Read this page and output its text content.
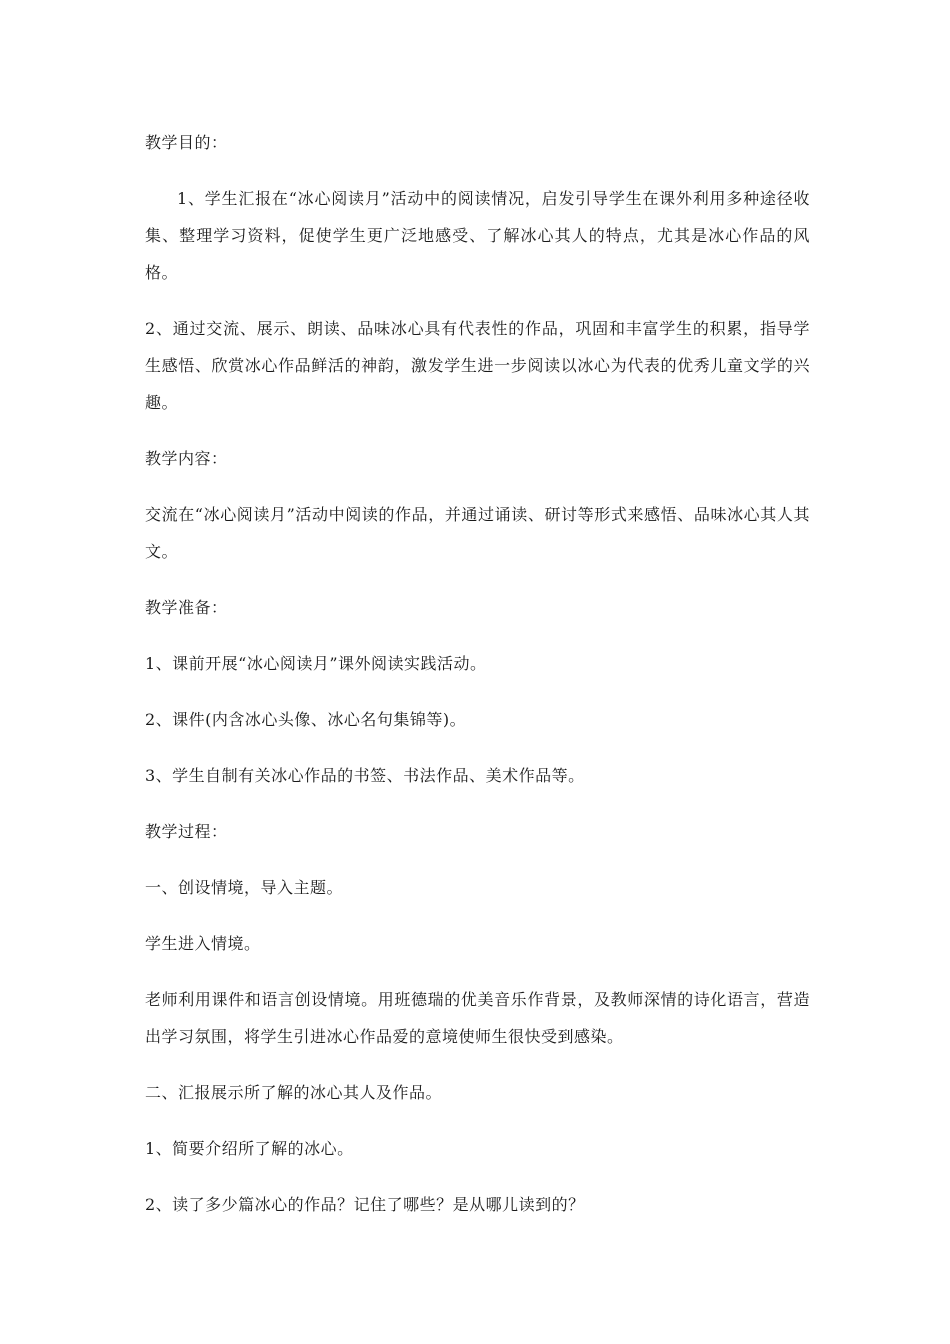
教学目的：

1、学生汇报在“冰心阅读月”活动中的阅读情况，启发引导学生在课外利用多种途径收集、整理学习资料，促使学生更广泛地感受、了解冰心其人的特点，尤其是冰心作品的风格。

2、通过交流、展示、朗读、品味冰心具有代表性的作品，巩固和丰富学生的积累，指导学生感悟、欣赏冰心作品鲜活的神韵，激发学生进一步阅读以冰心为代表的优秀儿童文学的兴趣。

教学内容：

交流在“冰心阅读月”活动中阅读的作品，并通过诵读、研讨等形式来感悟、品味冰心其人其文。

教学准备：

1、课前开展“冰心阅读月”课外阅读实践活动。

2、课件(内含冰心头像、冰心名句集锦等)。

3、学生自制有关冰心作品的书签、书法作品、美术作品等。

教学过程：

一、创设情境，导入主题。

学生进入情境。

老师利用课件和语言创设情境。用班德瑞的优美音乐作背景，及教师深情的诗化语言，营造出学习氛围，将学生引进冰心作品爱的意境使师生很快受到感染。

二、汇报展示所了解的冰心其人及作品。

1、简要介绍所了解的冰心。

2、读了多少篇冰心的作品？记住了哪些？是从哪儿读到的？
